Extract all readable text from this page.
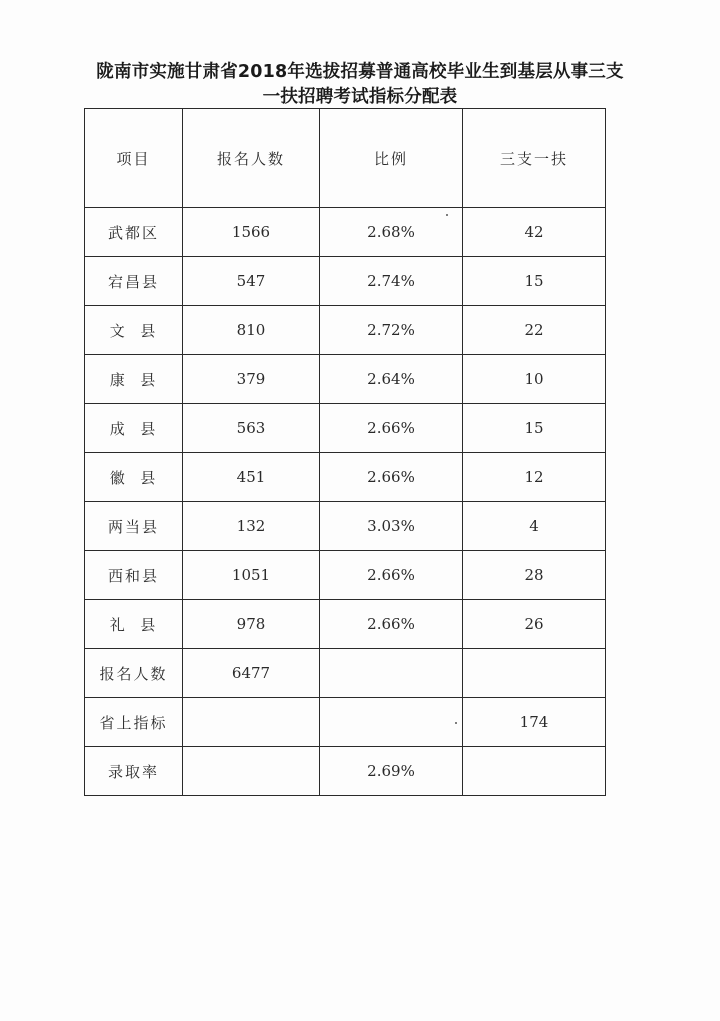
陇南市实施甘肃省2018年选拔招募普通高校毕业生到基层从事三支
一扶招聘考试指标分配表
项目	报名人数	比例	三支一扶
武都区	1566	2.68%	42
宕昌县	547	2.74%	15
文  县	810	2.72%	22
康  县	379	2.64%	10
成  县	563	2.66%	15
徽  县	451	2.66%	12
两当县	132	3.03%	4
西和县	1051	2.66%	28
礼  县	978	2.66%	26
报名人数	6477		
省上指标			174
录取率		2.69%	
